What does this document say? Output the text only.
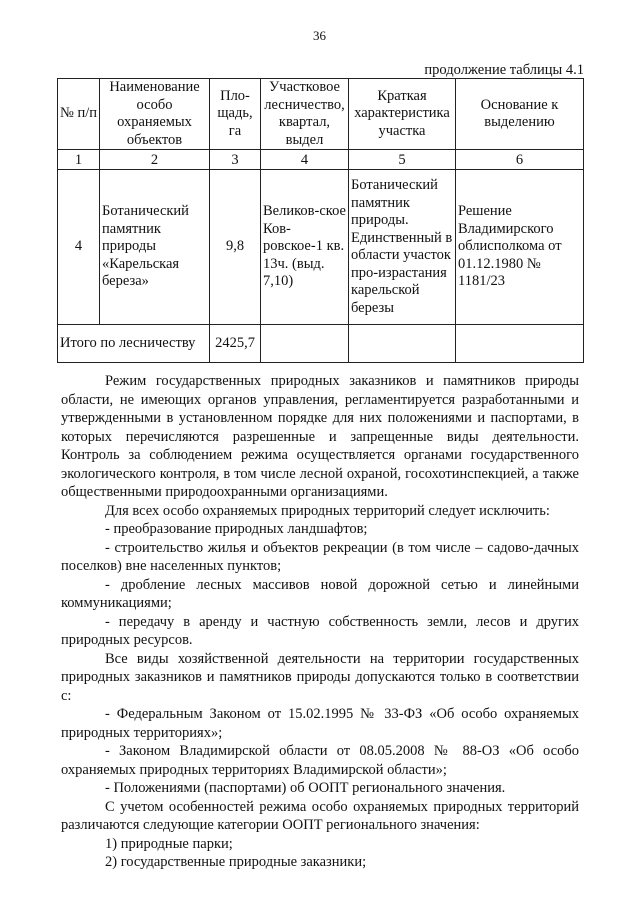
36
продолжение таблицы 4.1
№ п/п	Наименование особо охраняемых объектов	Пло-щадь, га	Участковое лесничество, квартал, выдел	Краткая характеристика участка	Основание к выделению
1	2	3	4	5	6
4	Ботанический памятник природы «Карельская береза»	9,8	Великов-ское Ков-ровское-1 кв. 13ч. (выд. 7,10)	Ботанический памятник природы. Единственный в области участок про-израстания карельской березы	Решение Владимирского облисполкома от 01.12.1980 № 1181/23
Итого по лесничеству		2425,7			

Режим государственных природных заказников и памятников природы области, не имеющих органов управления, регламентируется разработанными и утвержденными в установленном порядке для них положениями и паспортами, в которых перечисляются разрешенные и запрещенные виды деятельности. Контроль за соблюдением режима осуществляется органами государственного экологического контроля, в том числе лесной охраной, госохотинспекцией, а также общественными природоохранными организациями.

Для всех особо охраняемых природных территорий следует исключить:

- преобразование природных ландшафтов;

- строительство жилья и объектов рекреации (в том числе – садово-дачных поселков) вне населенных пунктов;

- дробление лесных массивов новой дорожной сетью и линейными коммуникациями;

- передачу в аренду и частную собственность земли, лесов и других природных ресурсов.

Все виды хозяйственной деятельности на территории государственных природных заказников и памятников природы допускаются только в соответствии с:

- Федеральным Законом от 15.02.1995 № 33-ФЗ «Об особо охраняемых природных территориях»;

- Законом Владимирской области от 08.05.2008 № 88-ОЗ «Об особо охраняемых природных территориях Владимирской области»;

- Положениями (паспортами) об ООПТ регионального значения.

С учетом особенностей режима особо охраняемых природных территорий различаются следующие категории ООПТ регионального значения:

1) природные парки;

2) государственные природные заказники;
